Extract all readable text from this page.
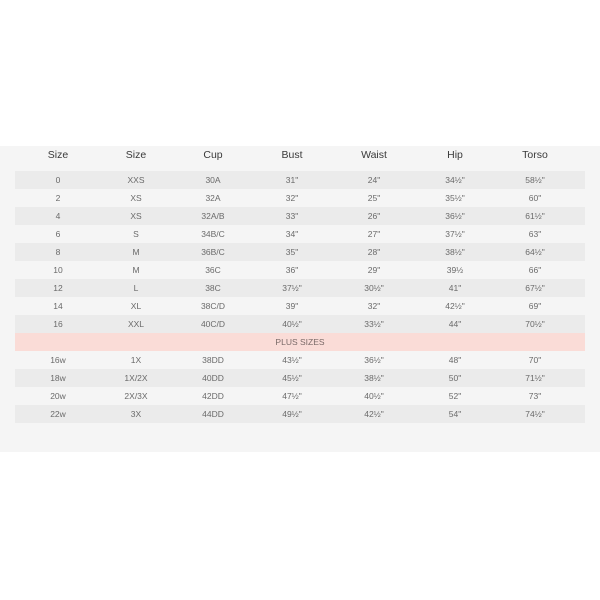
Size	Size	Cup	Bust	Waist	Hip	Torso
0	XXS	30A	31"	24"	34½"	58½"
2	XS	32A	32"	25"	35½"	60"
4	XS	32A/B	33"	26"	36½"	61½"
6	S	34B/C	34"	27"	37½"	63"
8	M	36B/C	35"	28"	38½"	64½"
10	M	36C	36"	29"	39½	66"
12	L	38C	37½"	30½"	41"	67½"
14	XL	38C/D	39"	32"	42½"	69"
16	XXL	40C/D	40½"	33½"	44"	70½"
PLUS SIZES
16w	1X	38DD	43½"	36½"	48"	70"
18w	1X/2X	40DD	45½"	38½"	50"	71½"
20w	2X/3X	42DD	47½"	40½"	52"	73"
22w	3X	44DD	49½"	42½"	54"	74½"
